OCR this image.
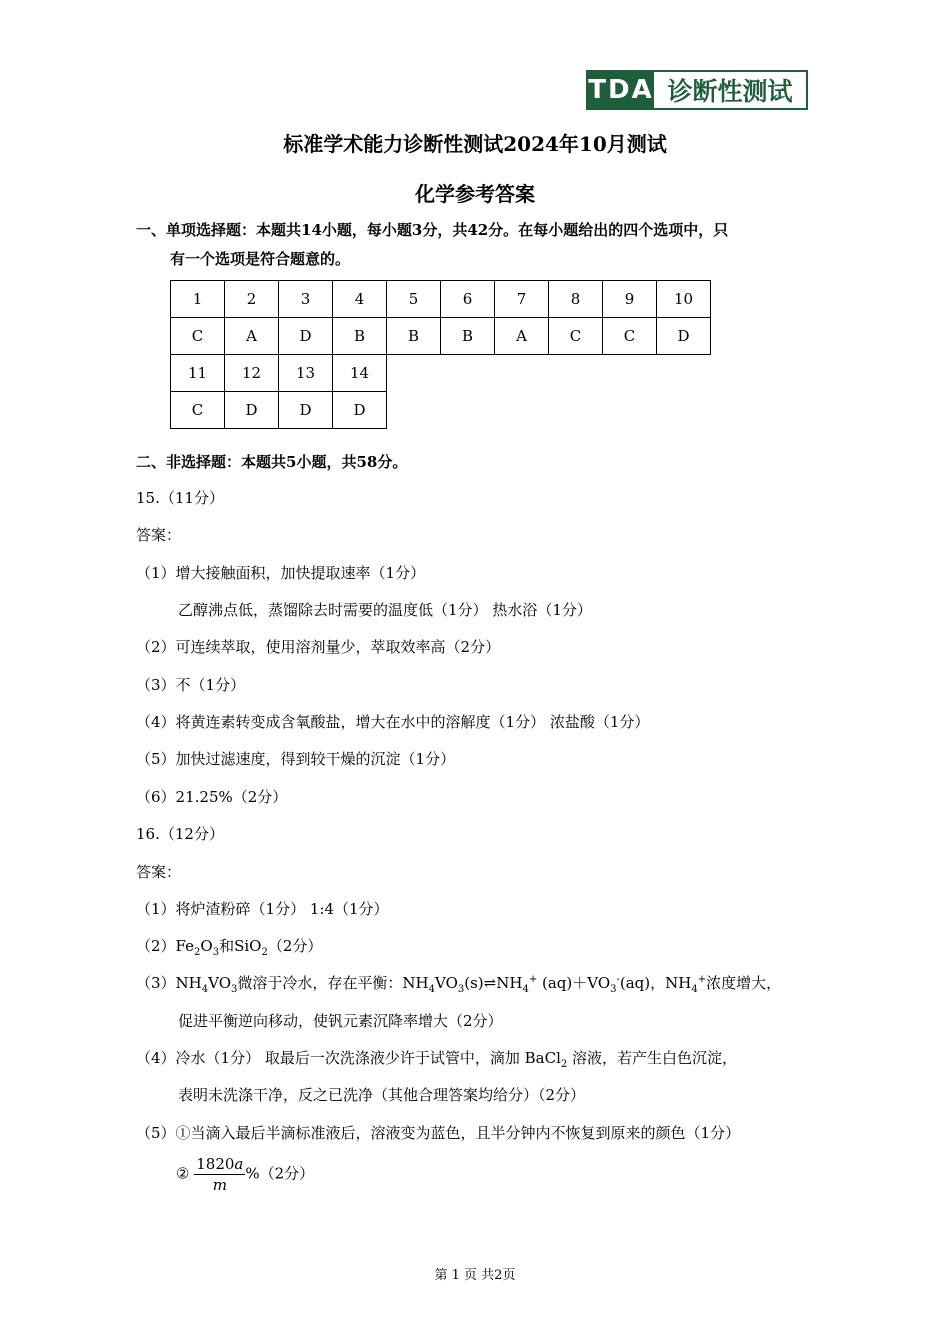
TDA 诊断性测试
标准学术能力诊断性测试2024年10月测试
化学参考答案
一、单项选择题：本题共14小题，每小题3分，共42分。在每小题给出的四个选项中，只
有一个选项是符合题意的。
1	2	3	4	5	6	7	8	9	10
C	A	D	B	B	B	A	C	C	D
11	12	13	14
C	D	D	D
二、非选择题：本题共5小题，共58分。
15.（11分）
答案：
（1）增大接触面积，加快提取速率（1分）
乙醇沸点低，蒸馏除去时需要的温度低（1分） 热水浴（1分）
（2）可连续萃取，使用溶剂量少，萃取效率高（2分）
（3）不（1分）
（4）将黄连素转变成含氧酸盐，增大在水中的溶解度（1分） 浓盐酸（1分）
（5）加快过滤速度，得到较干燥的沉淀（1分）
（6）21.25%（2分）
16.（12分）
答案：
（1）将炉渣粉碎（1分） 1:4（1分）
$(2)Fe_2O_3$和SiO$_2$（2分）
$(3)NH_4VO_3$微溶于冷水，存在平衡：$NH_4VO_3(s)\rightleftharpoons NH_4^+$ $(aq)+VO_3^-(aq)$，$NH_4^+$浓度增大，
促进平衡逆向移动，使钒元素沉降率增大（2分）
（4）冷水（1分） 取最后一次洗涤液少许于试管中，滴加 BaCl$_2$ 溶液，若产生白色沉淀，
表明未洗涤干净，反之已洗净（其他合理答案均给分）（2分）
（5）①当滴入最后半滴标准液后，溶液变为蓝色，且半分钟内不恢复到原来的颜色（1分）
② $\frac{1820a}{m} \%(2$分）
第 1 页 共2页
